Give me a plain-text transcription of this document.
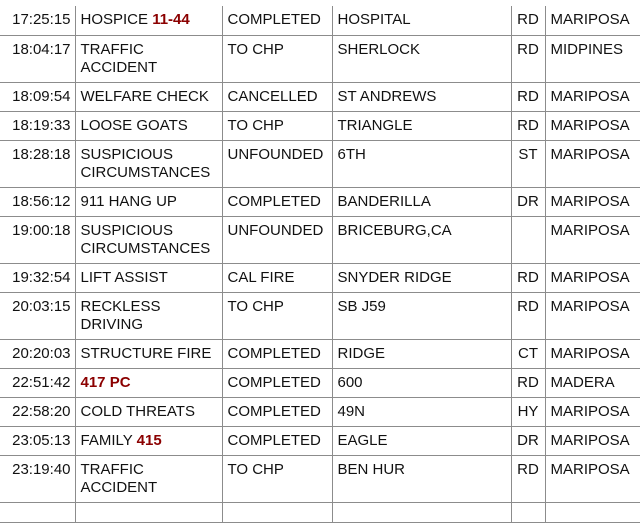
17:25:15	HOSPICE 11-44	COMPLETED	HOSPITAL	RD	MARIPOSA
18:04:17	TRAFFIC ACCIDENT	TO CHP	SHERLOCK	RD	MIDPINES
18:09:54	WELFARE CHECK	CANCELLED	ST ANDREWS	RD	MARIPOSA
18:19:33	LOOSE GOATS	TO CHP	TRIANGLE	RD	MARIPOSA
18:28:18	SUSPICIOUS CIRCUMSTANCES	UNFOUNDED	6TH	ST	MARIPOSA
18:56:12	911 HANG UP	COMPLETED	BANDERILLA	DR	MARIPOSA
19:00:18	SUSPICIOUS CIRCUMSTANCES	UNFOUNDED	BRICEBURG,CA		MARIPOSA
19:32:54	LIFT ASSIST	CAL FIRE	SNYDER RIDGE	RD	MARIPOSA
20:03:15	RECKLESS DRIVING	TO CHP	SB J59	RD	MARIPOSA
20:20:03	STRUCTURE FIRE	COMPLETED	RIDGE	CT	MARIPOSA
22:51:42	417 PC	COMPLETED	600	RD	MADERA
22:58:20	COLD THREATS	COMPLETED	49N	HY	MARIPOSA
23:05:13	FAMILY 415	COMPLETED	EAGLE	DR	MARIPOSA
23:19:40	TRAFFIC ACCIDENT	TO CHP	BEN HUR	RD	MARIPOSA
